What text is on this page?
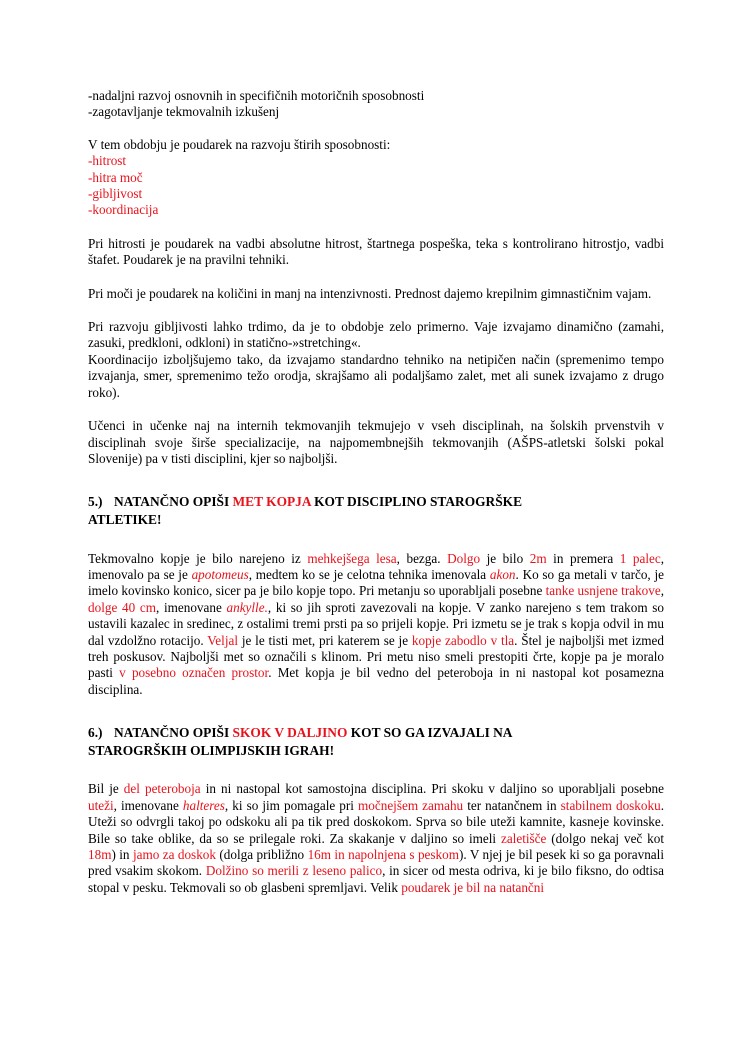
-nadaljni razvoj osnovnih in specifičnih motoričnih sposobnosti

-zagotavljanje tekmovalnih izkušenj

V tem obdobju je poudarek na razvoju štirih sposobnosti:

-hitrost

-hitra moč

-gibljivost

-koordinacija

Pri hitrosti je poudarek na vadbi absolutne hitrost, štartnega pospeška, teka s kontrolirano hitrostjo, vadbi štafet. Poudarek je na pravilni tehniki.

Pri moči je poudarek na količini in manj na intenzivnosti. Prednost dajemo krepilnim gimnastičnim vajam.

Pri razvoju gibljivosti lahko trdimo, da je to obdobje zelo primerno. Vaje izvajamo dinamično (zamahi, zasuki, predkloni, odkloni) in statično-»stretching«.

Koordinacijo izboljšujemo tako, da izvajamo standardno tehniko na netipičen način (spremenimo tempo izvajanja, smer, spremenimo težo orodja, skrajšamo ali podaljšamo zalet, met ali sunek izvajamo z drugo roko).

Učenci in učenke naj na internih tekmovanjih tekmujejo v vseh disciplinah, na šolskih prvenstvih v disciplinah svoje širše specializacije, na najpomembnejših tekmovanjih (AŠPS-atletski šolski pokal Slovenije) pa v tisti disciplini, kjer so najboljši.

5.) NATANČNO OPIŠI MET KOPJA KOT DISCIPLINO STAROGRŠKE
ATLETIKE!

Tekmovalno kopje je bilo narejeno iz mehkejšega lesa, bezga. Dolgo je bilo 2m in premera 1 palec, imenovalo pa se je apotomeus, medtem ko se je celotna tehnika imenovala akon. Ko so ga metali v tarčo, je imelo kovinsko konico, sicer pa je bilo kopje topo. Pri metanju so uporabljali posebne tanke usnjene trakove, dolge 40 cm, imenovane ankylle., ki so jih sproti zavezovali na kopje. V zanko narejeno s tem trakom so ustavili kazalec in sredinec, z ostalimi tremi prsti pa so prijeli kopje. Pri izmetu se je trak s kopja odvil in mu dal vzdolžno rotacijo. Veljal je le tisti met, pri katerem se je kopje zabodlo v tla. Štel je najboljši met izmed treh poskusov. Najboljši met so označili s klinom. Pri metu niso smeli prestopiti črte, kopje pa je moralo pasti v posebno označen prostor. Met kopja je bil vedno del peteroboja in ni nastopal kot posamezna disciplina.

6.) NATANČNO OPIŠI SKOK V DALJINO KOT SO GA IZVAJALI NA
STAROGRŠKIH OLIMPIJSKIH IGRAH!

Bil je del peteroboja in ni nastopal kot samostojna disciplina. Pri skoku v daljino so uporabljali posebne uteži, imenovane halteres, ki so jim pomagale pri močnejšem zamahu ter natančnem in stabilnem doskoku. Uteži so odvrgli takoj po odskoku ali pa tik pred doskokom. Sprva so bile uteži kamnite, kasneje kovinske. Bile so take oblike, da so se prilegale roki. Za skakanje v daljino so imeli zaletišče (dolgo nekaj več kot 18m) in jamo za doskok (dolga približno 16m in napolnjena s peskom). V njej je bil pesek ki so ga poravnali pred vsakim skokom. Dolžino so merili z leseno palico, in sicer od mesta odriva, ki je bilo fiksno, do odtisa stopal v pesku. Tekmovali so ob glasbeni spremljavi. Velik poudarek je bil na natančni
